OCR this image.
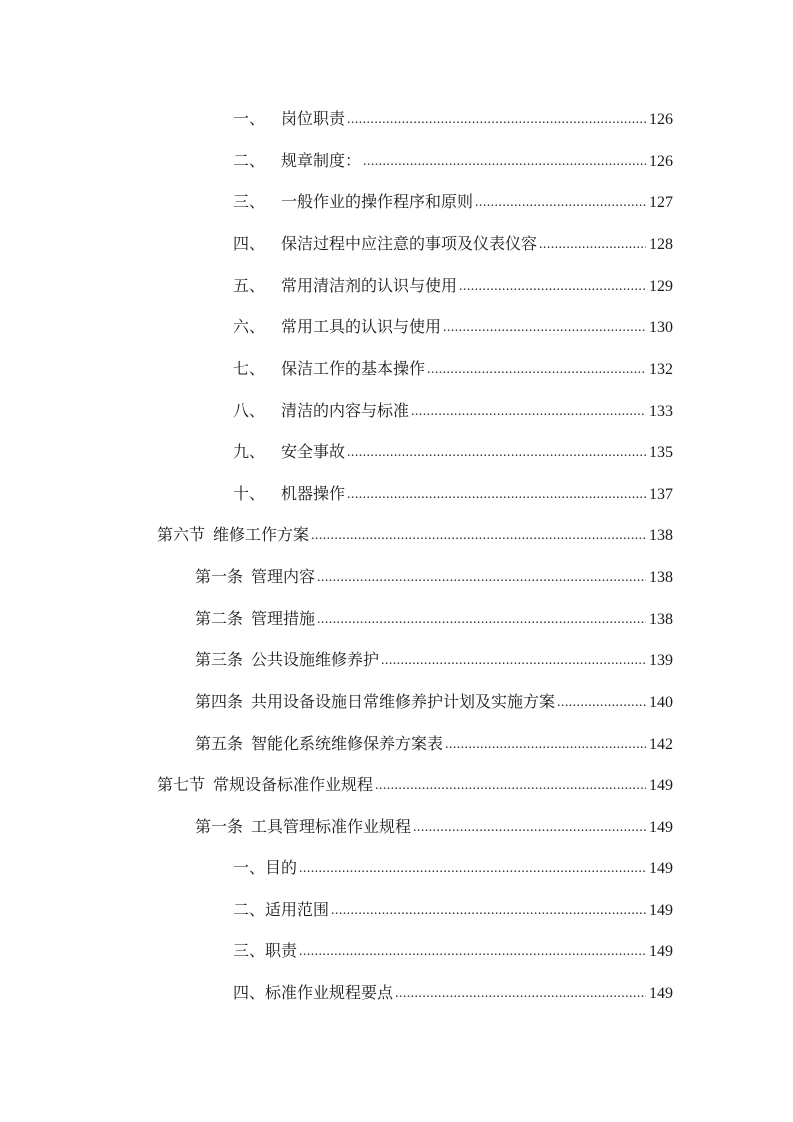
一、 岗位职责 .....	126
二、 规章制度： .....	126
三、 一般作业的操作程序和原则 .....	127
四、 保洁过程中应注意的事项及仪表仪容 .....	128
五、 常用清洁剂的认识与使用 .....	129
六、 常用工具的认识与使用 .....	130
七、 保洁工作的基本操作 .....	132
八、 清洁的内容与标准 .....	133
九、 安全事故 .....	135
十、 机器操作 .....	137
第六节 维修工作方案 .....	138
第一条 管理内容 .....	138
第二条 管理措施 .....	138
第三条 公共设施维修养护 .....	139
第四条 共用设备设施日常维修养护计划及实施方案 .....	140
第五条 智能化系统维修保养方案表 .....	142
第七节 常规设备标准作业规程 .....	149
第一条 工具管理标准作业规程 .....	149
一、 目的 .....	149
二、 适用范围 .....	149
三、 职责 .....	149
四、 标准作业规程要点 .....	149
